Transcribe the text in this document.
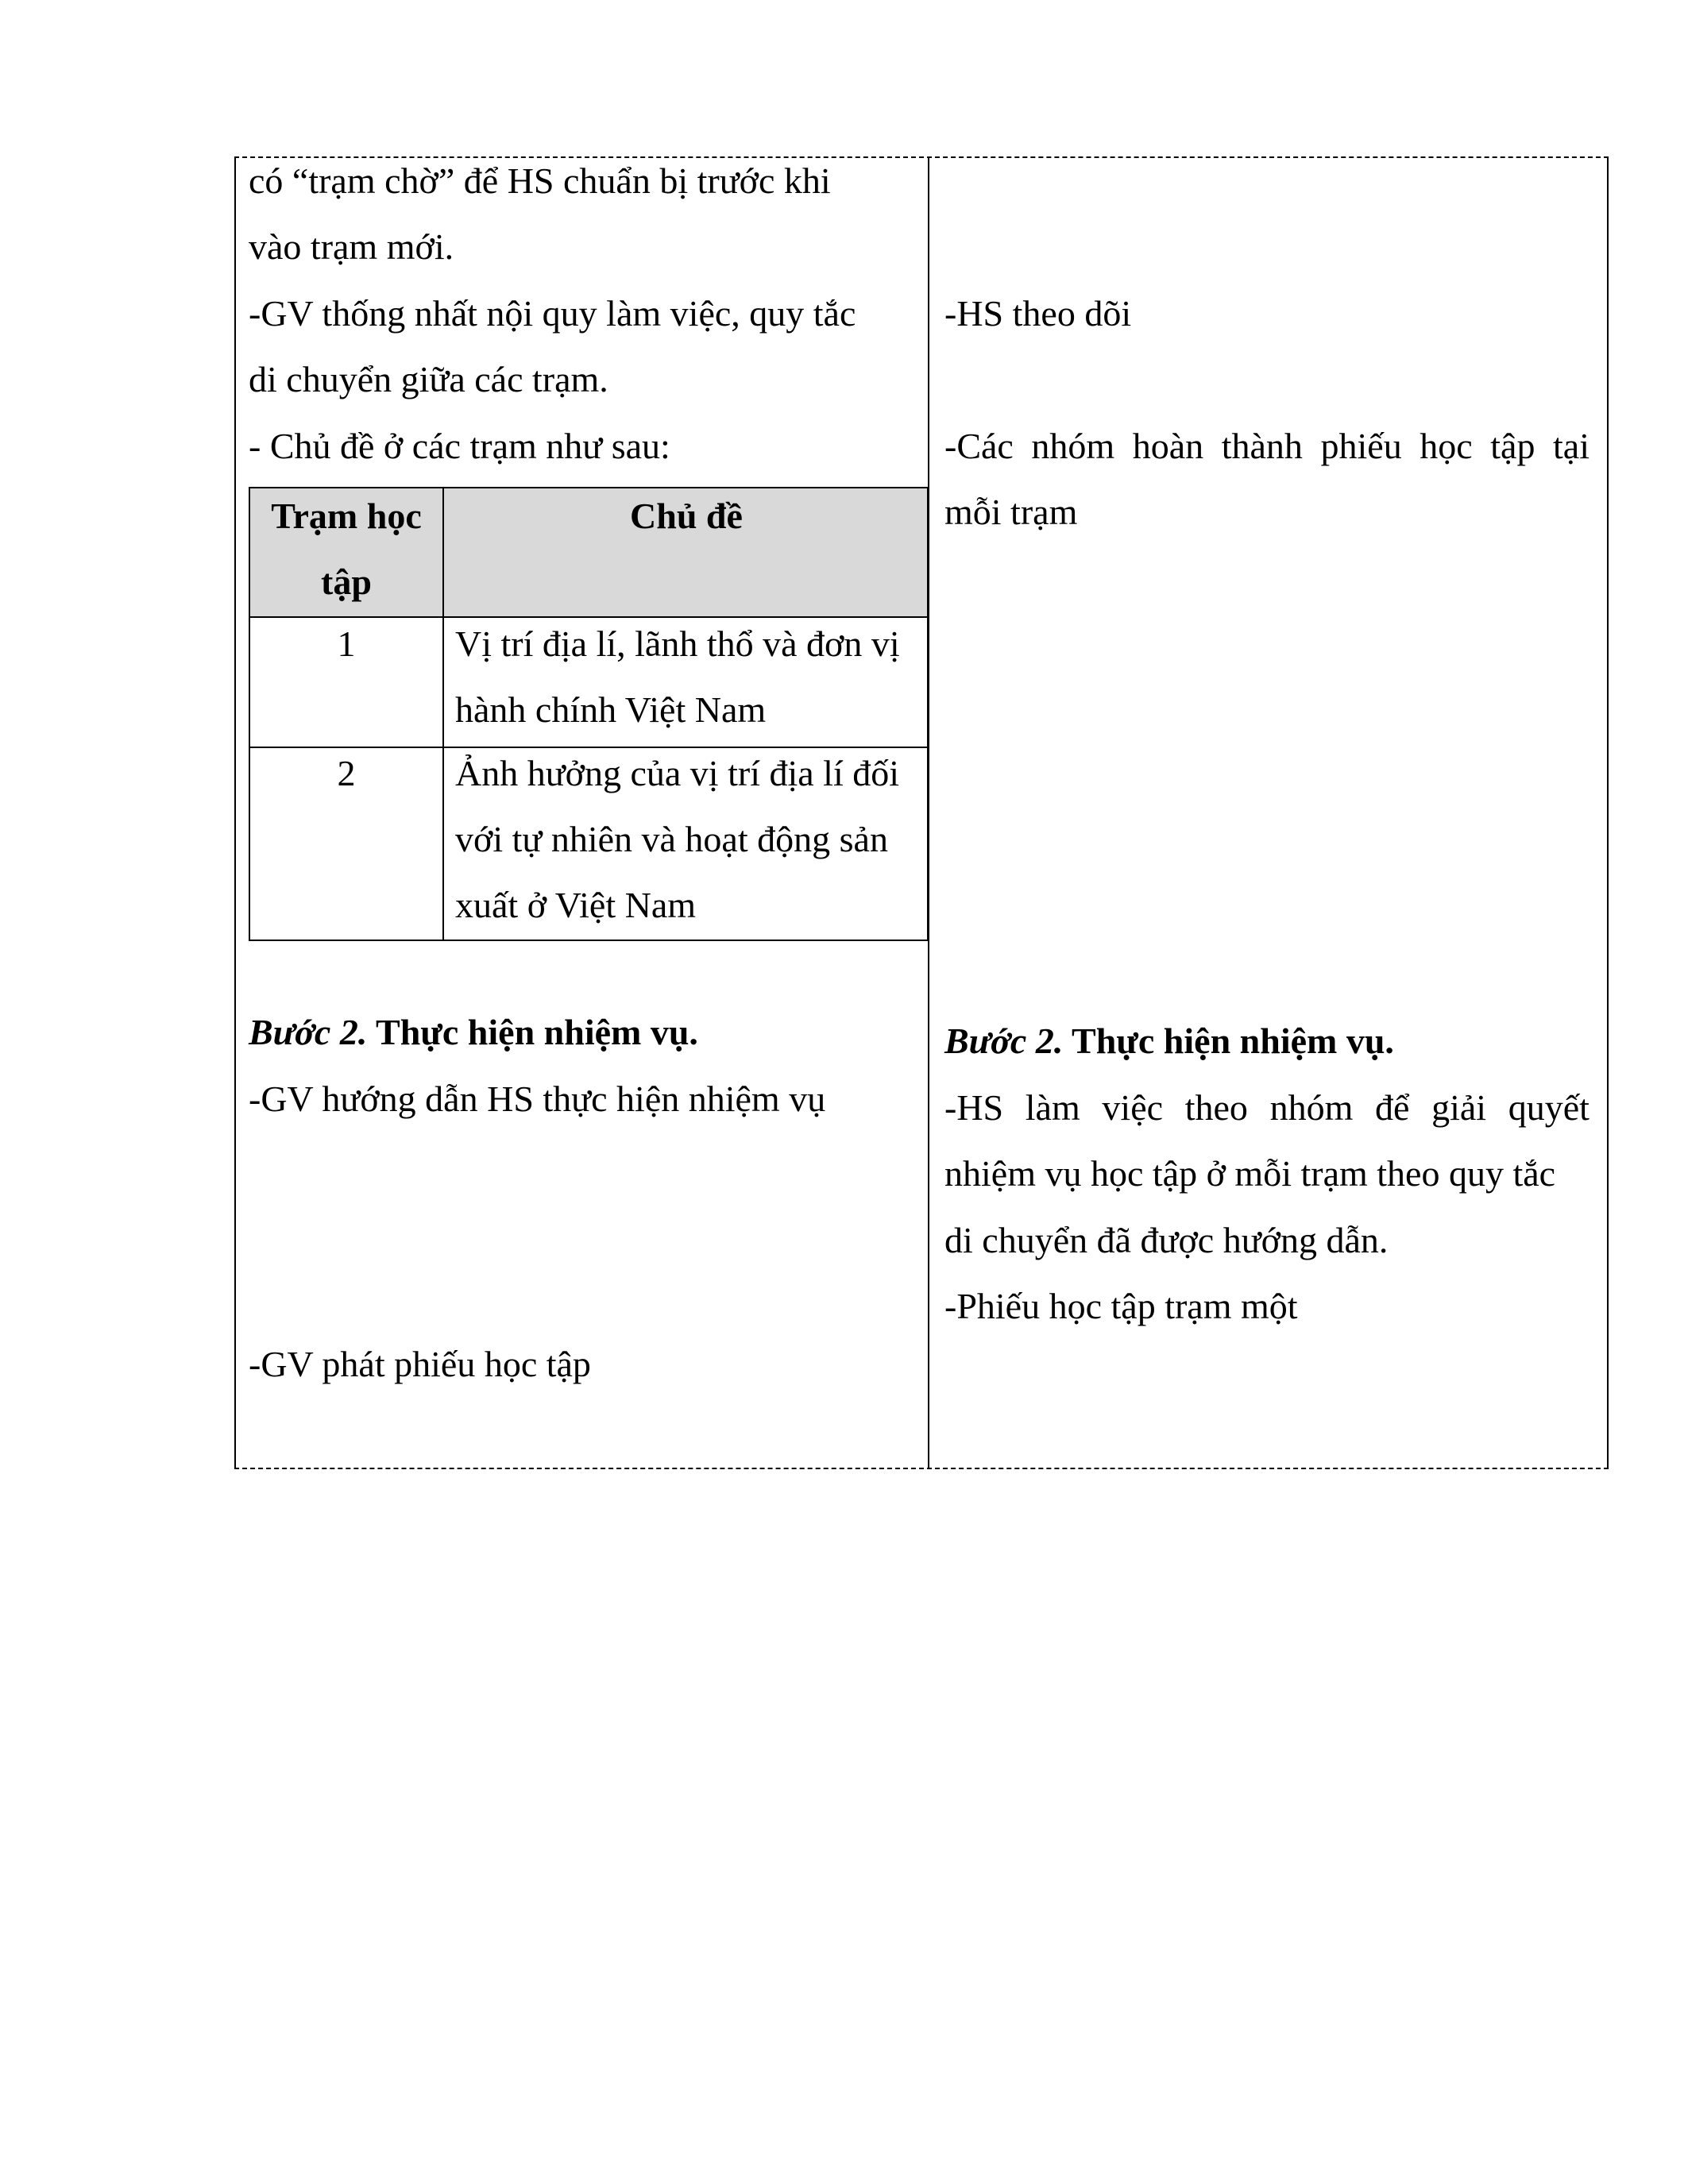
có “trạm chờ” để HS chuẩn bị trước khi
vào trạm mới.
-GV thống nhất nội quy làm việc, quy tắc
di chuyển giữa các trạm.
- Chủ đề ở các trạm như sau:
Trạm học
tập
Chủ đề
1	Vị trí địa lí, lãnh thổ và đơn vị
hành chính Việt Nam
2	Ảnh hưởng của vị trí địa lí đối
với tự nhiên và hoạt động sản
xuất ở Việt Nam
Bước 2. Thực hiện nhiệm vụ.
-GV hướng dẫn HS thực hiện nhiệm vụ
-GV phát phiếu học tập
-HS theo dõi
-Các nhóm hoàn thành phiếu học tập tại
mỗi trạm
Bước 2. Thực hiện nhiệm vụ.
-HS làm việc theo nhóm để giải quyết
nhiệm vụ học tập ở mỗi trạm theo quy tắc
di chuyển đã được hướng dẫn.
-Phiếu học tập trạm một
